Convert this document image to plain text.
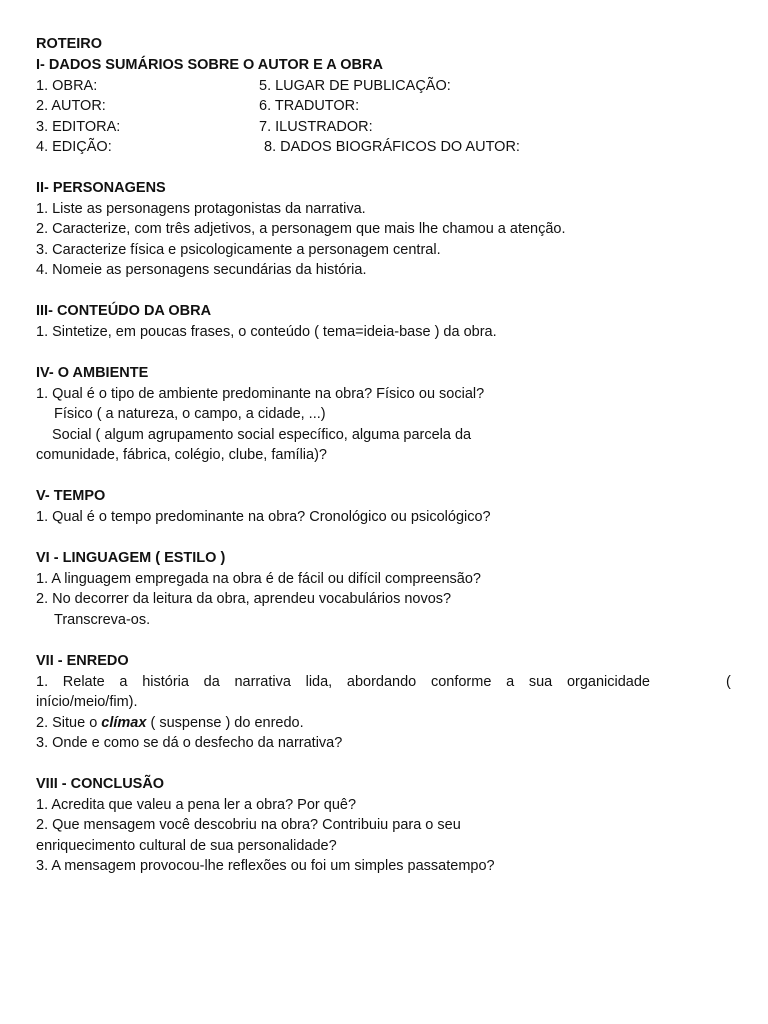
ROTEIRO
I- DADOS SUMÁRIOS SOBRE O AUTOR E A OBRA
1. OBRA:
2. AUTOR:
3. EDITORA:
4. EDIÇÃO:
5. LUGAR DE PUBLICAÇÃO:
6. TRADUTOR:
7. ILUSTRADOR:
8. DADOS BIOGRÁFICOS DO AUTOR:
II- PERSONAGENS
1. Liste as personagens protagonistas da narrativa.
2. Caracterize, com três adjetivos, a personagem que mais lhe chamou a atenção.
3. Caracterize física e psicologicamente a personagem central.
4. Nomeie as personagens secundárias da história.
III- CONTEÚDO DA OBRA
1. Sintetize, em poucas frases, o conteúdo ( tema=ideia-base ) da obra.
IV- O AMBIENTE
1. Qual é o tipo de ambiente predominante na obra? Físico ou social?
Físico ( a natureza, o campo, a cidade, ...)
Social ( algum agrupamento social específico, alguma parcela da
comunidade, fábrica, colégio, clube, família)?
V- TEMPO
1. Qual é o tempo predominante na obra? Cronológico ou psicológico?
VI - LINGUAGEM ( ESTILO )
1. A linguagem empregada na obra é de fácil ou difícil compreensão?
2. No decorrer da leitura da obra, aprendeu vocabulários novos?
Transcreva-os.
VII - ENREDO
1. Relate a história da narrativa lida, abordando conforme a sua organicidade	(
início/meio/fim).
2. Situe o clímax ( suspense ) do enredo.
3. Onde e como se dá o desfecho da narrativa?
VIII - CONCLUSÃO
1. Acredita que valeu a pena ler a obra? Por quê?
2. Que mensagem você descobriu na obra? Contribuiu para o seu
enriquecimento cultural de sua personalidade?
3. A mensagem provocou-lhe reflexões ou foi um simples passatempo?
